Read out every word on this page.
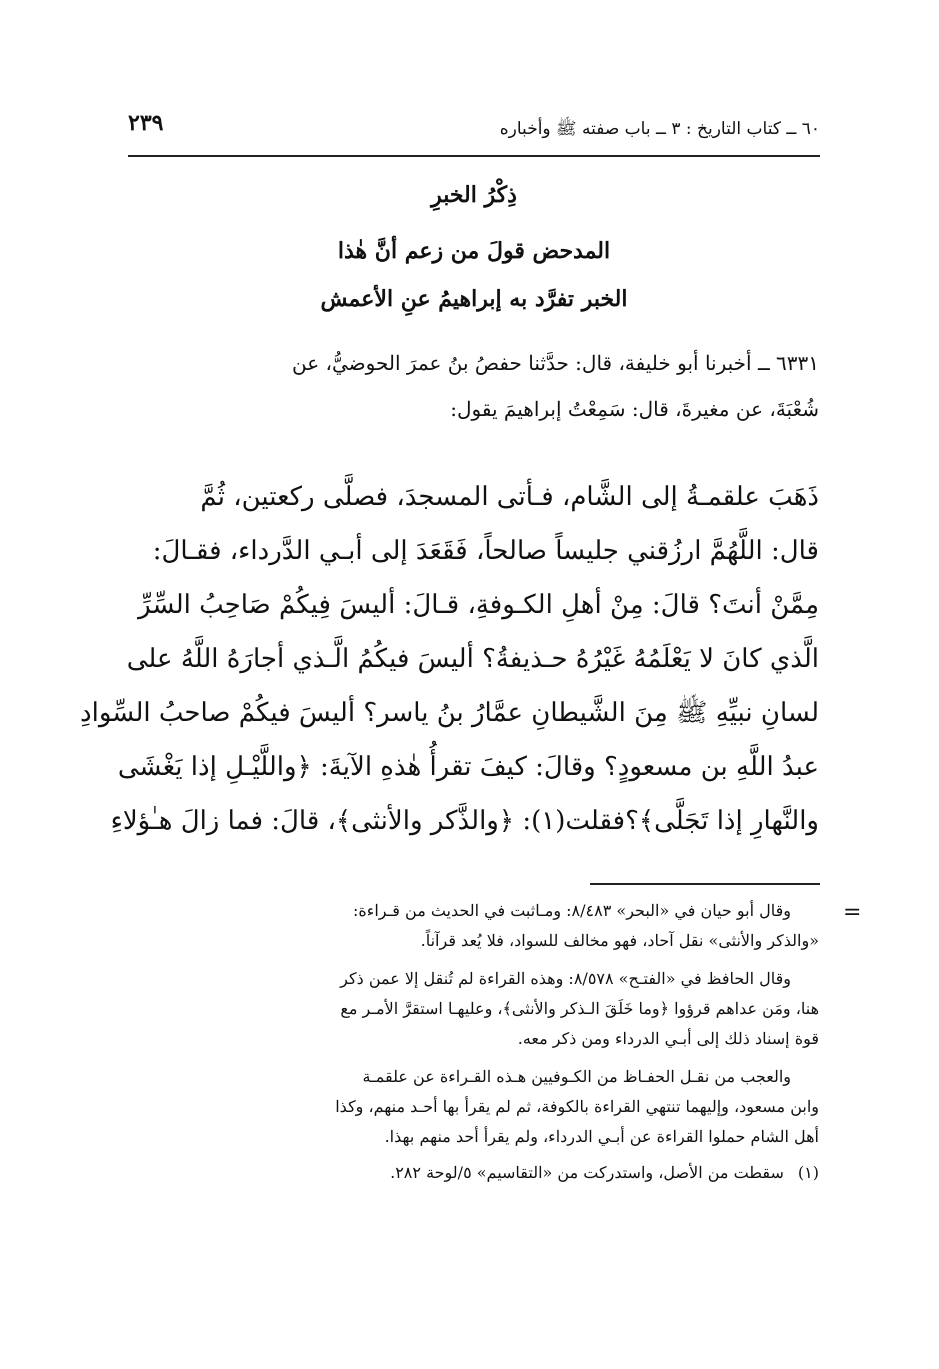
٢٣٩	٦٠ ــ كتاب التاريخ : ٣ ــ باب صفته ﷺ وأخباره
ذِكْرُ الخبرِ
المدحض قولَ من زعم أنَّ هٰذا
الخبر تفرَّد به إبراهيمُ عنِ الأعمش
٦٣٣١ ــ أخبرنا أبو خليفة، قال: حدَّثنا حفصُ بنُ عمرَ الحوضيُّ، عن
شُعْبَةَ، عن مغيرةَ، قال: سَمِعْتُ إبراهيمَ يقول:
ذَهَبَ علقمـةُ إلى الشَّام، فـأتى المسجدَ، فصلَّى ركعتين، ثُمَّ
قال: اللَّهُمَّ ارزُقني جليساً صالحاً، فَقَعَدَ إلى أبـي الدَّرداء، فقـالَ:
مِمَّنْ أنتَ؟ قالَ: مِنْ أهلِ الكـوفةِ، قـالَ: أليسَ فِيكُمْ صَاحِبُ السِّرِّ
الَّذي كانَ لا يَعْلَمُهُ غَيْرُهُ حـذيفةُ؟ أليسَ فيكُمُ الَّـذي أجارَهُ اللَّهُ على
لسانِ نبيِّهِ ﷺ مِنَ الشَّيطانِ عمَّارُ بنُ ياسر؟ أليسَ فيكُمْ صاحبُ السِّوادِ
عبدُ اللَّهِ بن مسعودٍ؟ وقالَ: كيفَ تقرأُ هٰذهِ الآيةَ: ﴿واللَّيْـلِ إذا يَغْشَى
والنَّهارِ إذا تَجَلَّى﴾؟فقلت(١): ﴿والذَّكر والأنثى﴾، قالَ: فما زالَ هـٰؤلاءِ
=
وقال أبو حيان في «البحر» ٨/٤٨٣: ومـاثبت في الحديث من قـراءة:
«والذكر والأنثى» نقل آحاد، فهو مخالف للسواد، فلا يُعد قرآناً.
وقال الحافظ في «الفتـح» ٨/٥٧٨: وهذه القراءة لم تُنقل إلا عمن ذكر
هنا، ومَن عداهم قرؤوا ﴿وما خَلَقَ الـذكر والأنثى﴾، وعليهـا استقرَّ الأمـر مع
قوة إسناد ذلك إلى أبـي الدرداء ومن ذكر معه.
والعجب من نقـل الحفـاظ من الكـوفيين هـذه القـراءة عن علقمـة
وابن مسعود، وإليهما تنتهي القراءة بالكوفة، ثم لم يقرأ بها أحـد منهم، وكذا
أهل الشام حملوا القراءة عن أبـي الدرداء، ولم يقرأ أحد منهم بهذا.
(١)سقطت من الأصل، واستدركت من «التقاسيم» ٥/لوحة ٢٨٢.
